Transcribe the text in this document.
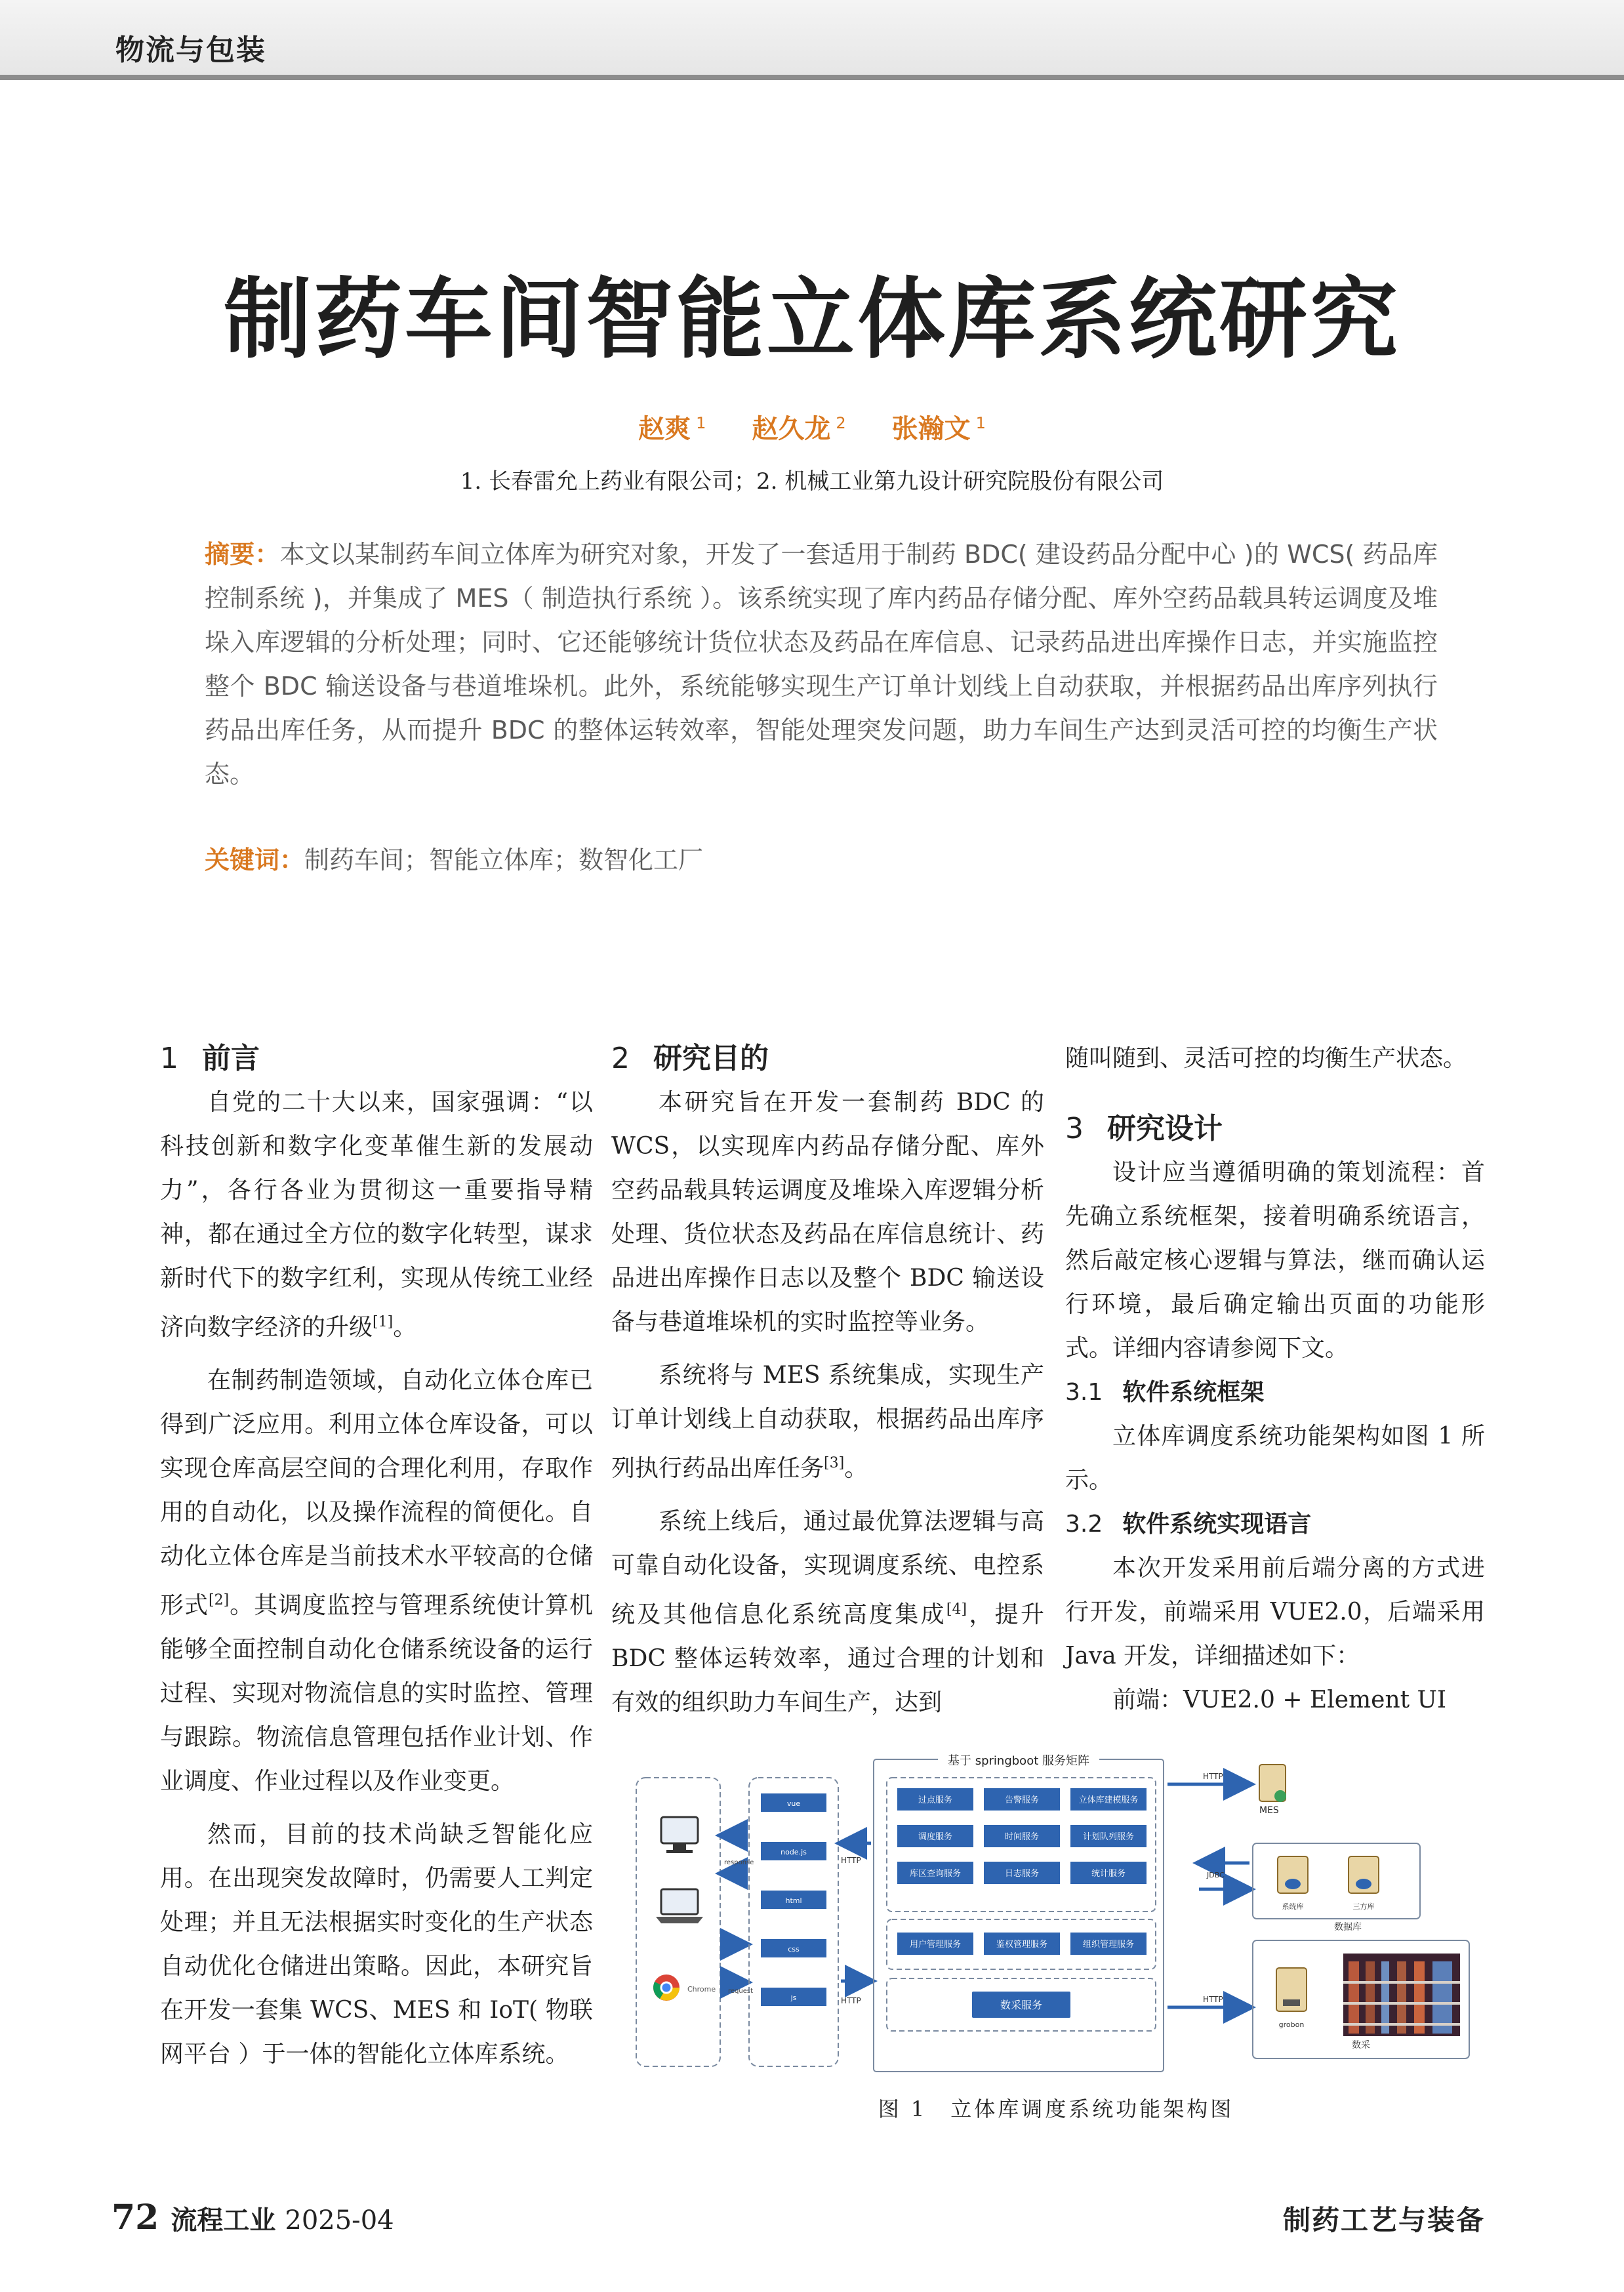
物流与包装
制药车间智能立体库系统研究
赵爽 $^1$ 赵久龙 $^2$ 张瀚文 $^1$
1. 长春雷允上药业有限公司；2. 机械工业第九设计研究院股份有限公司
摘要：本文以某制药车间立体库为研究对象，开发了一套适用于制药 BDC( 建设药品分配中心 )的 WCS( 药品库控制系统 )，并集成了 MES（ 制造执行系统 ）。该系统实现了库内药品存储分配、库外空药品载具转运调度及堆垛入库逻辑的分析处理；同时、它还能够统计货位状态及药品在库信息、记录药品进出库操作日志，并实施监控整个 BDC 输送设备与巷道堆垛机。此外，系统能够实现生产订单计划线上自动获取，并根据药品出库序列执行药品出库任务，从而提升 BDC 的整体运转效率，智能处理突发问题，助力车间生产达到灵活可控的均衡生产状态。
关键词：制药车间；智能立体库；数智化工厂
1 前言

自党的二十大以来，国家强调：“以科技创新和数字化变革催生新的发展动力”，各行各业为贯彻这一重要指导精神，都在通过全方位的数字化转型，谋求新时代下的数字红利，实现从传统工业经济向数字经济的升级[1]。

在制药制造领域，自动化立体仓库已得到广泛应用。利用立体仓库设备，可以实现仓库高层空间的合理化利用，存取作用的自动化，以及操作流程的简便化。自动化立体仓库是当前技术水平较高的仓储形式[2]。其调度监控与管理系统使计算机能够全面控制自动化仓储系统设备的运行过程、实现对物流信息的实时监控、管理与跟踪。物流信息管理包括作业计划、作业调度、作业过程以及作业变更。

然而，目前的技术尚缺乏智能化应用。在出现突发故障时，仍需要人工判定处理；并且无法根据实时变化的生产状态自动优化仓储进出策略。因此，本研究旨在开发一套集 WCS、MES 和 IoT( 物联网平台 ）于一体的智能化立体库系统。

2 研究目的

本研究旨在开发一套制药 BDC 的 WCS，以实现库内药品存储分配、库外空药品载具转运调度及堆垛入库逻辑分析处理、货位状态及药品在库信息统计、药品进出库操作日志以及整个 BDC 输送设备与巷道堆垛机的实时监控等业务。

系统将与 MES 系统集成，实现生产订单计划线上自动获取，根据药品出库序列执行药品出库任务[3]。

系统上线后，通过最优算法逻辑与高可靠自动化设备，实现调度系统、电控系统及其他信息化系统高度集成[4]，提升 BDC 整体运转效率，通过合理的计划和有效的组织助力车间生产，达到

随叫随到、灵活可控的均衡生产状态。

3 研究设计

设计应当遵循明确的策划流程：首先确立系统框架，接着明确系统语言，然后敲定核心逻辑与算法，继而确认运行环境，最后确定输出页面的功能形式。详细内容请参阅下文。

3.1 软件系统框架

立体库调度系统功能架构如图 1 所示。

3.2 软件系统实现语言

本次开发采用前后端分离的方式进行开发，前端采用 VUE2.0，后端采用 Java 开发，详细描述如下：

前端：VUE2.0 + Element UI

Chrome
response
request
vue
node.js
html
css
js
HTTP
HTTP
基于 springboot 服务矩阵
过点服务	告警服务	立体库建模服务
调度服务	时间服务	计划队列服务
库区查询服务	日志服务	统计服务
用户管理服务	鉴权管理服务	组织管理服务
数采服务
HTTP
MES
JDBC
系统库	三方库
数据库
HTTP
grobon
数采
图 1　立体库调度系统功能架构图
72 流程工业 2025-04	制药工艺与装备
